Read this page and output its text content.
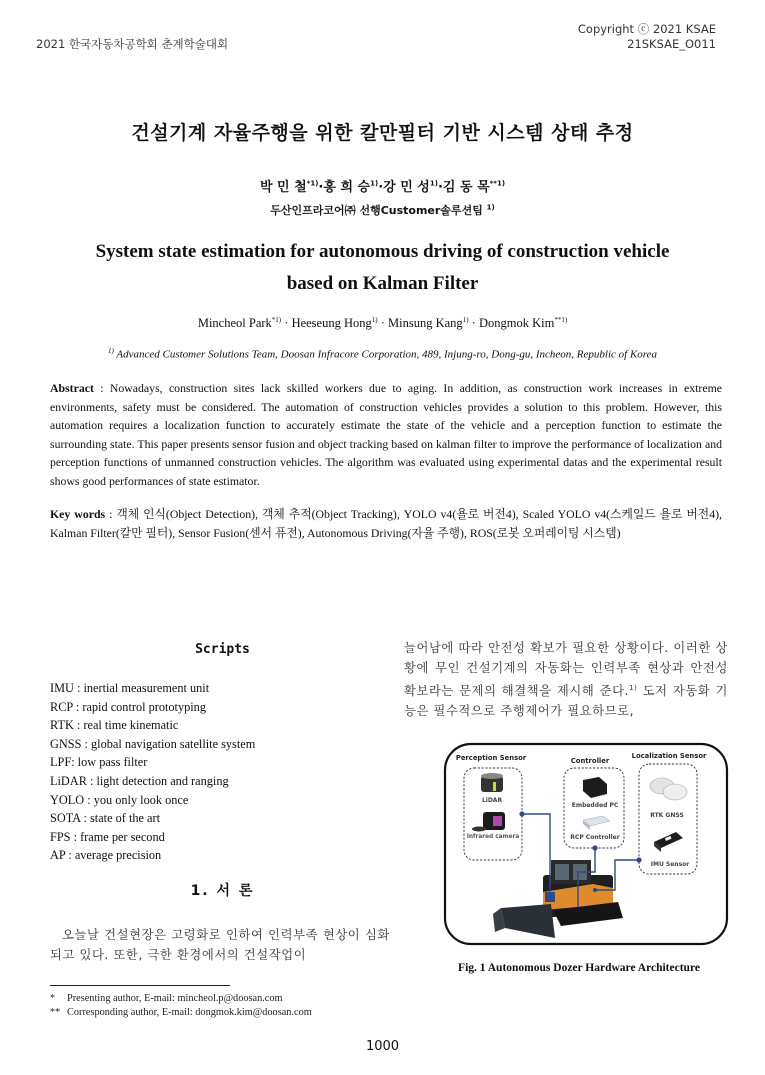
2021 한국자동차공학회 춘계학술대회
Copyright ⓒ 2021 KSAE
21SKSAE_O011
건설기계 자율주행을 위한 칼만필터 기반 시스템 상태 추정
박 민 철$^{*1)}$·홍 희 승$^{1)}$·강 민 성$^{1)}$·김 동 목$^{**1)}$
두산인프라코어㈜ 선행Customer솔루션팀 $^{1)}$
System state estimation for autonomous driving of construction vehicle
based on Kalman Filter
Mincheol Park$^{*1)}$ · Heeseung Hong$^{1)}$ · Minsung Kang$^{1)}$ · Dongmok Kim$^{**1)}$
$^{1)}$ Advanced Customer Solutions Team, Doosan Infracore Corporation, 489, Injung-ro, Dong-gu, Incheon, Republic of Korea
Abstract : Nowadays, construction sites lack skilled workers due to aging. In addition, as construction work increases in extreme environments, safety must be considered. The automation of construction vehicles provides a solution to this problem. However, this automation requires a localization function to accurately estimate the state of the vehicle and a perception function to estimate the surrounding state. This paper presents sensor fusion and object tracking based on kalman filter to improve the performance of localization and perception functions of unmanned construction vehicles. The algorithm was evaluated using experimental datas and the experimental result shows good performances of state estimator.
Key words : 객체 인식(Object Detection), 객체 추적(Object Tracking), YOLO v4(욜로 버전4), Scaled YOLO v4(스케일드 욜로 버전4), Kalman Filter(칼만 필터), Sensor Fusion(센서 퓨전), Autonomous Driving(자율 주행), ROS(로봇 오퍼레이팅 시스템)
Scripts
IMU : inertial measurement unit
RCP : rapid control prototyping
RTK : real time kinematic
GNSS : global navigation satellite system
LPF: low pass filter
LiDAR : light detection and ranging
YOLO : you only look once
SOTA : state of the art
FPS : frame per second
AP : average precision
1. 서 론
오늘날 건설현장은 고령화로 인하여 인력부족 현상이 심화되고 있다. 또한, 극한 환경에서의 건설작업이
늘어남에 따라 안전성 확보가 필요한 상황이다. 이러한 상황에 무인 건설기계의 자동화는 인력부족 현상과 안전성 확보라는 문제의 해결책을 제시해 준다.$^{1)}$ 도저 자동화 기능은 필수적으로 주행제어가 필요하므로,
Perception Sensor
LiDAR
Infrared camera
Controller
Embedded PC
RCP Controller
Localization Sensor
RTK GNSS
IMU Sensor
Fig. 1 Autonomous Dozer Hardware Architecture
*	Presenting author, E-mail: mincheol.p@doosan.com
** Corresponding author, E-mail: dongmok.kim@doosan.com
1000
